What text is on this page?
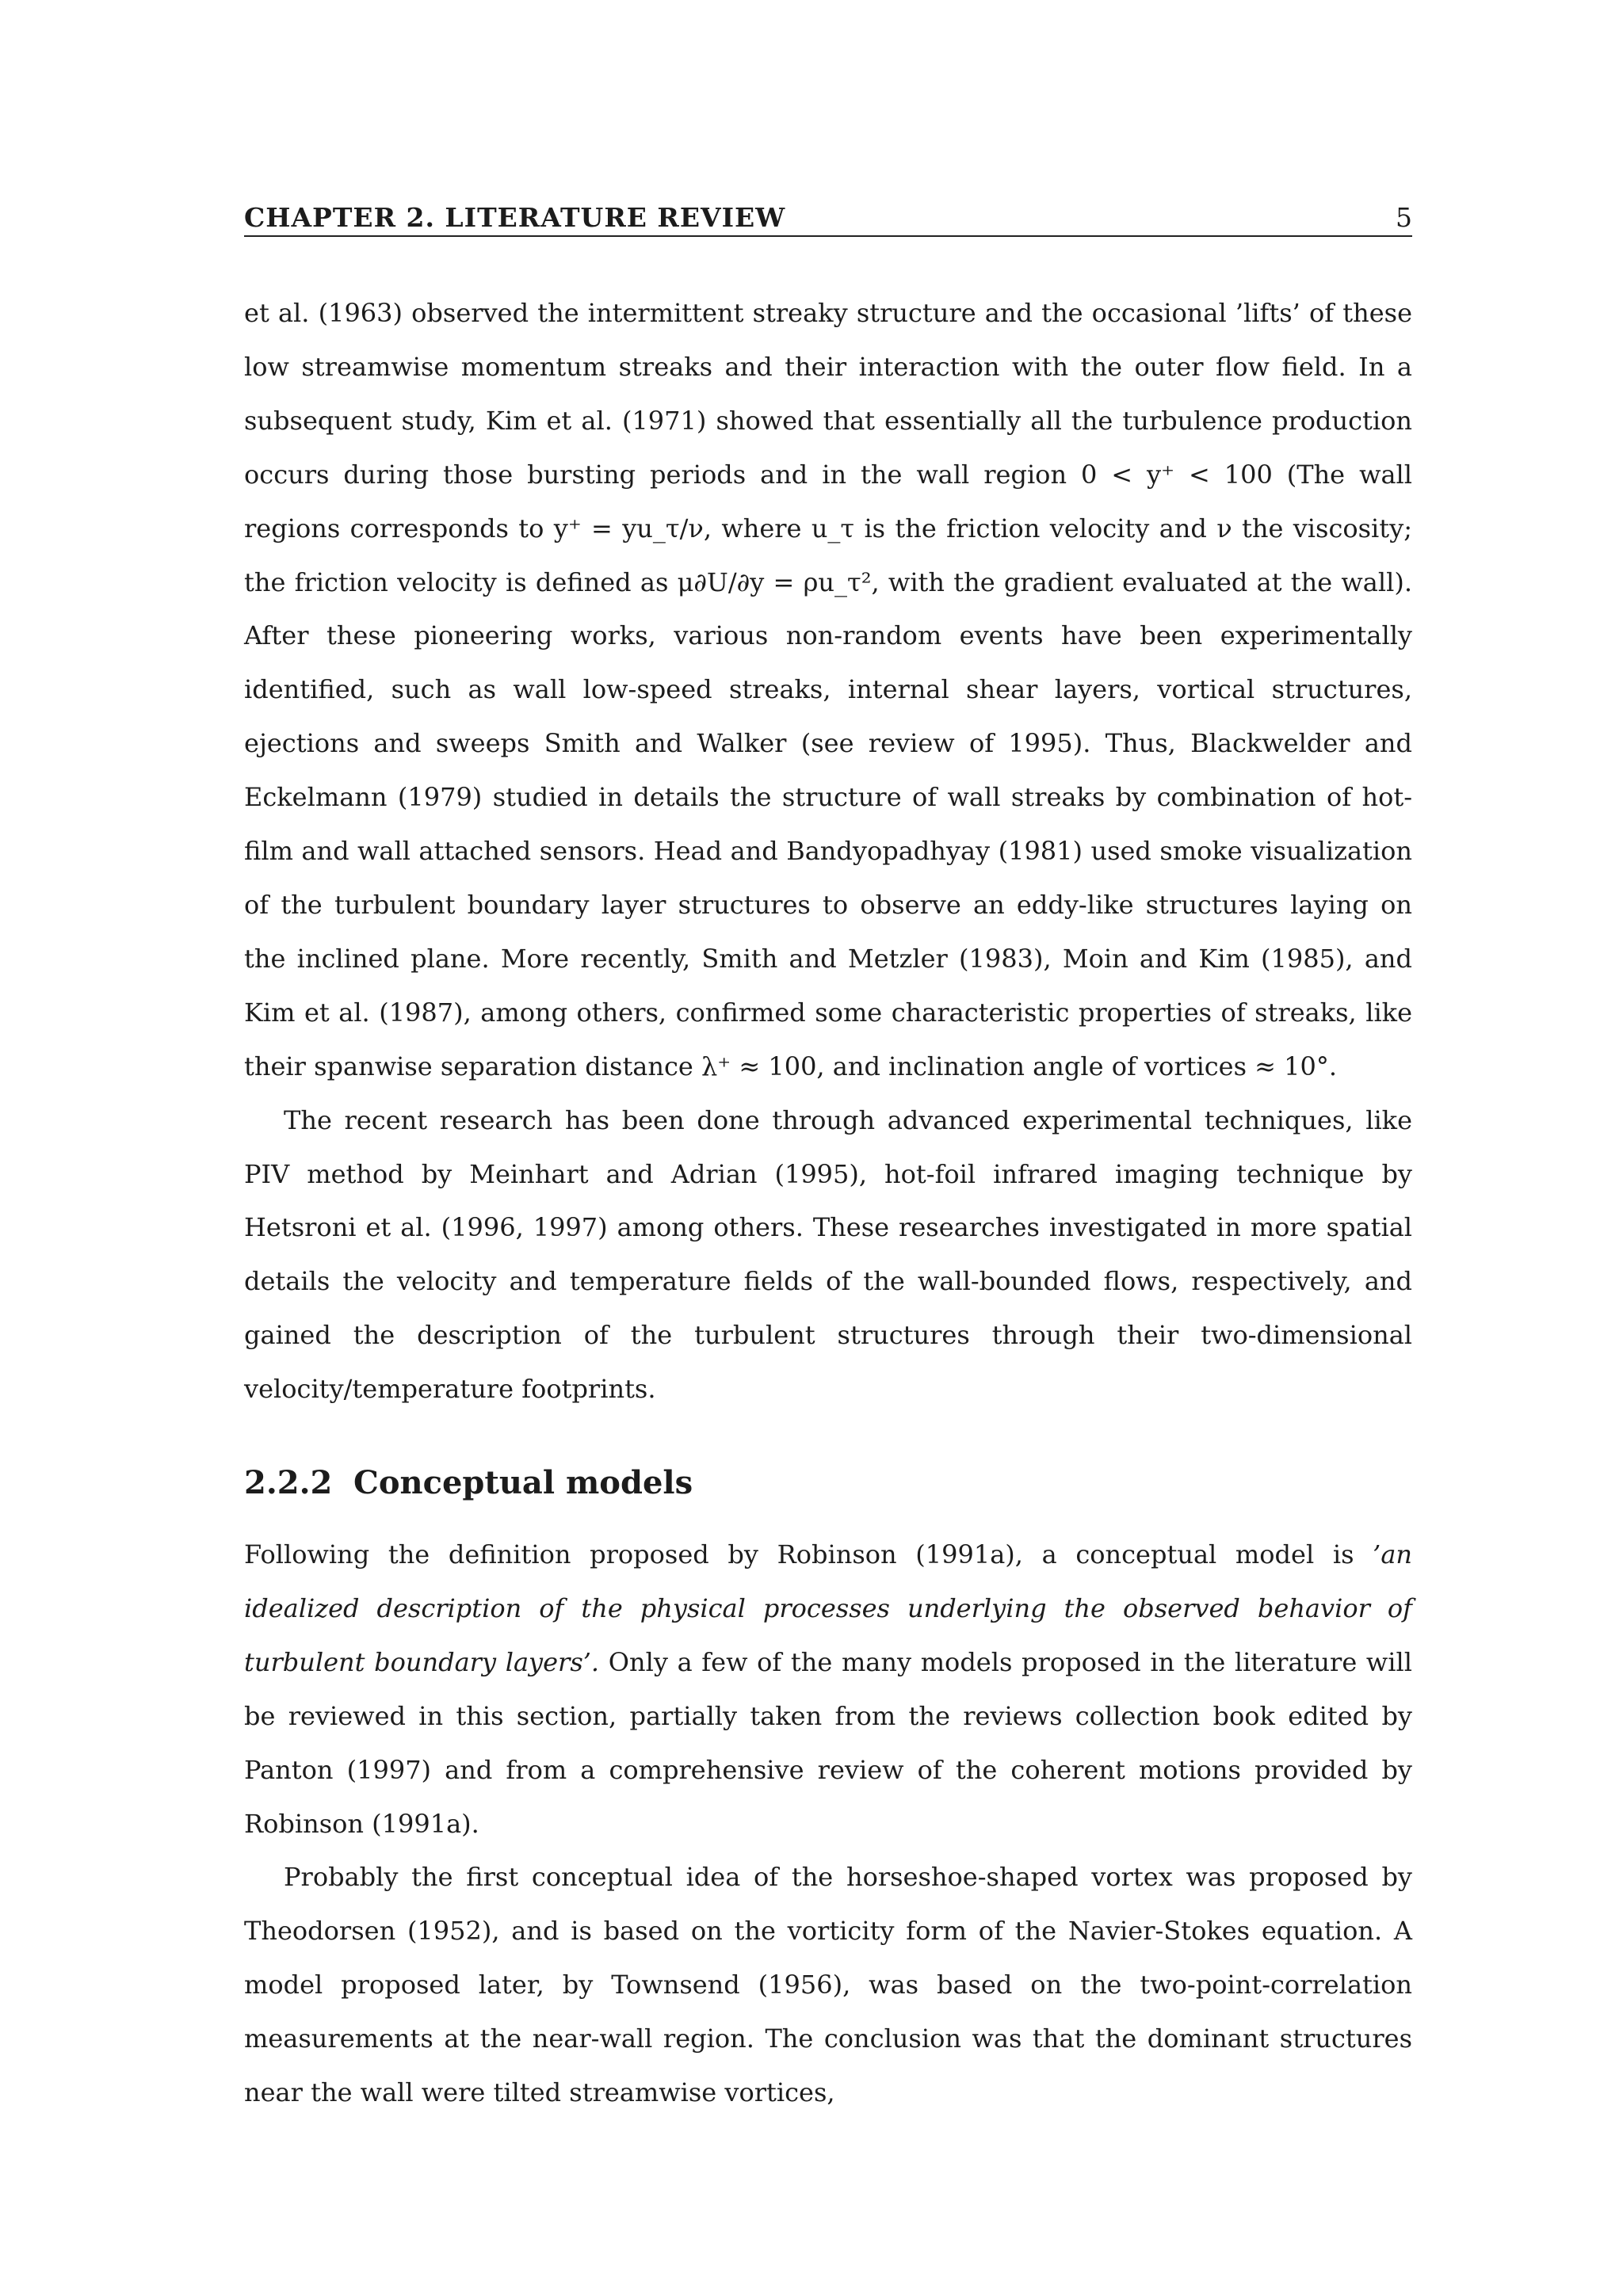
CHAPTER 2. LITERATURE REVIEW	5

et al. (1963) observed the intermittent streaky structure and the occasional ’lifts’ of these low streamwise momentum streaks and their interaction with the outer flow field. In a subsequent study, Kim et al. (1971) showed that essentially all the turbulence production occurs during those bursting periods and in the wall region 0 < y⁺ < 100 (The wall regions corresponds to y⁺ = yu_τ/ν, where u_τ is the friction velocity and ν the viscosity; the friction velocity is defined as μ∂U/∂y = ρu_τ², with the gradient evaluated at the wall). After these pioneering works, various non-random events have been experimentally identified, such as wall low-speed streaks, internal shear layers, vortical structures, ejections and sweeps Smith and Walker (see review of 1995). Thus, Blackwelder and Eckelmann (1979) studied in details the structure of wall streaks by combination of hot-film and wall attached sensors. Head and Bandyopadhyay (1981) used smoke visualization of the turbulent boundary layer structures to observe an eddy-like structures laying on the inclined plane. More recently, Smith and Metzler (1983), Moin and Kim (1985), and Kim et al. (1987), among others, confirmed some characteristic properties of streaks, like their spanwise separation distance λ⁺ ≈ 100, and inclination angle of vortices ≈ 10°.

The recent research has been done through advanced experimental techniques, like PIV method by Meinhart and Adrian (1995), hot-foil infrared imaging technique by Hetsroni et al. (1996, 1997) among others. These researches investigated in more spatial details the velocity and temperature fields of the wall-bounded flows, respectively, and gained the description of the turbulent structures through their two-dimensional velocity/temperature footprints.

2.2.2 Conceptual models

Following the definition proposed by Robinson (1991a), a conceptual model is ’an idealized description of the physical processes underlying the observed behavior of turbulent boundary layers’. Only a few of the many models proposed in the literature will be reviewed in this section, partially taken from the reviews collection book edited by Panton (1997) and from a comprehensive review of the coherent motions provided by Robinson (1991a).

Probably the first conceptual idea of the horseshoe-shaped vortex was proposed by Theodorsen (1952), and is based on the vorticity form of the Navier-Stokes equation. A model proposed later, by Townsend (1956), was based on the two-point-correlation measurements at the near-wall region. The conclusion was that the dominant structures near the wall were tilted streamwise vortices,
